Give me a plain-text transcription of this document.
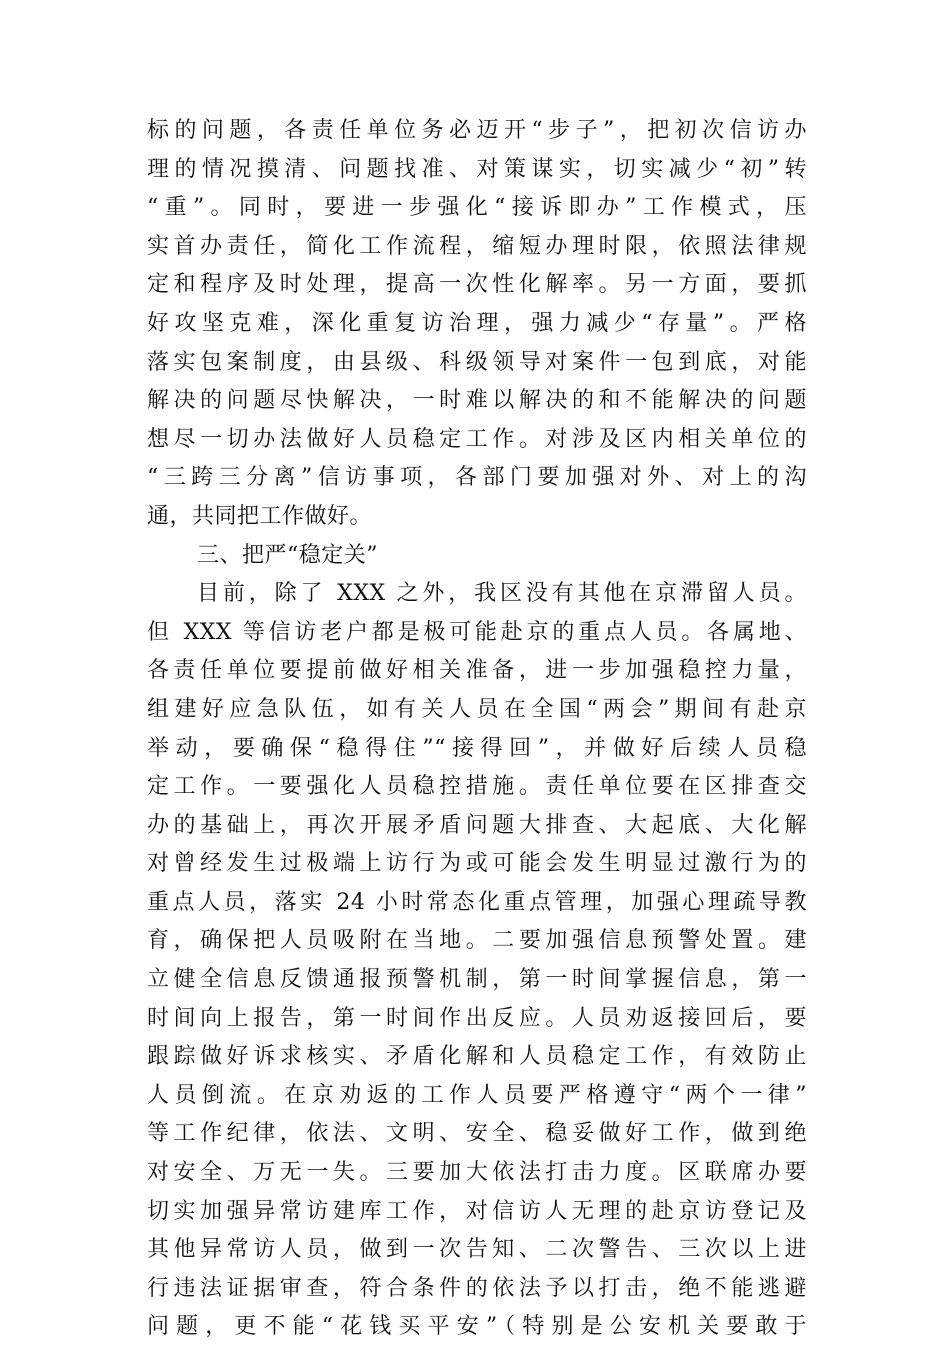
标的问题，各责任单位务必迈开“步子”，把初次信访办
理的情况摸清、问题找准、对策谋实，切实减少“初”转
“重”。同时，要进一步强化“接诉即办”工作模式，压
实首办责任，简化工作流程，缩短办理时限，依照法律规
定和程序及时处理，提高一次性化解率。另一方面，要抓
好攻坚克难，深化重复访治理，强力减少“存量”。严格
落实包案制度，由县级、科级领导对案件一包到底，对能
解决的问题尽快解决，一时难以解决的和不能解决的问题
想尽一切办法做好人员稳定工作。对涉及区内相关单位的
“三跨三分离”信访事项，各部门要加强对外、对上的沟
通，共同把工作做好。
三、把严“稳定关”
目前，除了 XXX 之外，我区没有其他在京滞留人员。
但 XXX 等信访老户都是极可能赴京的重点人员。各属地、
各责任单位要提前做好相关准备，进一步加强稳控力量，
组建好应急队伍，如有关人员在全国“两会”期间有赴京
举动，要确保“稳得住”“接得回”，并做好后续人员稳
定工作。一要强化人员稳控措施。责任单位要在区排查交
办的基础上，再次开展矛盾问题大排查、大起底、大化解
对曾经发生过极端上访行为或可能会发生明显过激行为的
重点人员，落实 24 小时常态化重点管理，加强心理疏导教
育，确保把人员吸附在当地。二要加强信息预警处置。建
立健全信息反馈通报预警机制，第一时间掌握信息，第一
时间向上报告，第一时间作出反应。人员劝返接回后，要
跟踪做好诉求核实、矛盾化解和人员稳定工作，有效防止
人员倒流。在京劝返的工作人员要严格遵守“两个一律”
等工作纪律，依法、文明、安全、稳妥做好工作，做到绝
对安全、万无一失。三要加大依法打击力度。区联席办要
切实加强异常访建库工作，对信访人无理的赴京访登记及
其他异常访人员，做到一次告知、二次警告、三次以上进
行违法证据审查，符合条件的依法予以打击，绝不能逃避
问题，更不能“花钱买平安”（特别是公安机关要敢于
